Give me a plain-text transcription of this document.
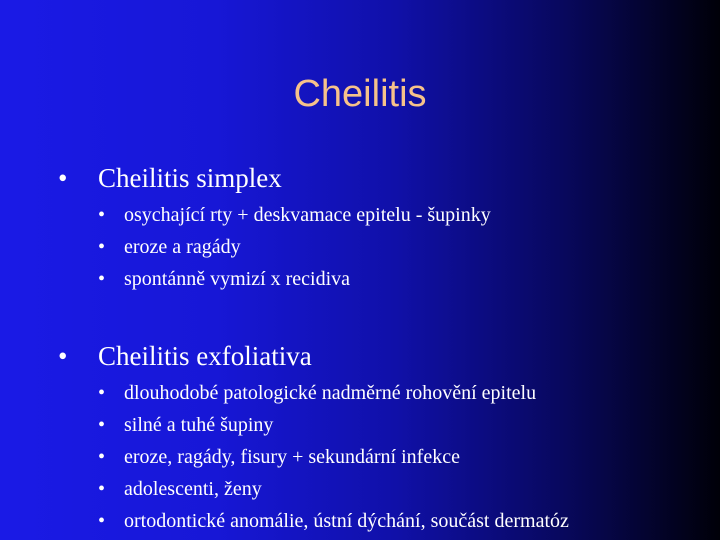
Cheilitis
•	Cheilitis simplex
• osychající rty + deskvamace epitelu - šupinky
• eroze a ragády
• spontánně vymizí x recidiva
•	Cheilitis exfoliativa
• dlouhodobé patologické nadměrné rohovění epitelu
• silné a tuhé šupiny
• eroze, ragády, fisury + sekundární infekce
• adolescenti, ženy
• ortodontické anomálie, ústní dýchání, součást dermatóz
